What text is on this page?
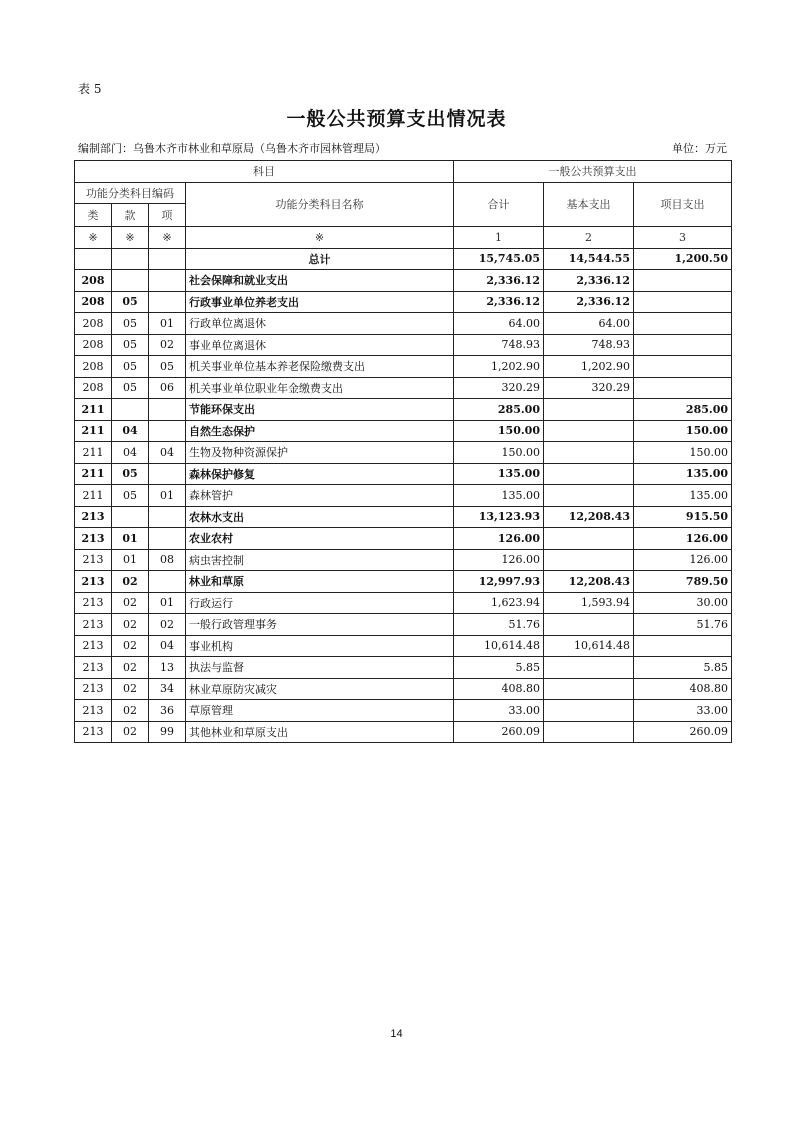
表 5
一般公共预算支出情况表
编制部门：乌鲁木齐市林业和草原局（乌鲁木齐市园林管理局）	单位：万元
科目				一般公共预算支出		
功能分类科目编码			功能分类科目名称	合计	基本支出	项目支出
类	款	项				
※	※	※	※	1	2	3
			总计	15,745.05	14,544.55	1,200.50
208			社会保障和就业支出	2,336.12	2,336.12	
208	05		行政事业单位养老支出	2,336.12	2,336.12	
208	05	01	行政单位离退休	64.00	64.00	
208	05	02	事业单位离退休	748.93	748.93	
208	05	05	机关事业单位基本养老保险缴费支出	1,202.90	1,202.90	
208	05	06	机关事业单位职业年金缴费支出	320.29	320.29	
211			节能环保支出	285.00		285.00
211	04		自然生态保护	150.00		150.00
211	04	04	生物及物种资源保护	150.00		150.00
211	05		森林保护修复	135.00		135.00
211	05	01	森林管护	135.00		135.00
213			农林水支出	13,123.93	12,208.43	915.50
213	01		农业农村	126.00		126.00
213	01	08	病虫害控制	126.00		126.00
213	02		林业和草原	12,997.93	12,208.43	789.50
213	02	01	行政运行	1,623.94	1,593.94	30.00
213	02	02	一般行政管理事务	51.76		51.76
213	02	04	事业机构	10,614.48	10,614.48	
213	02	13	执法与监督	5.85		5.85
213	02	34	林业草原防灾减灾	408.80		408.80
213	02	36	草原管理	33.00		33.00
213	02	99	其他林业和草原支出	260.09		260.09
14
